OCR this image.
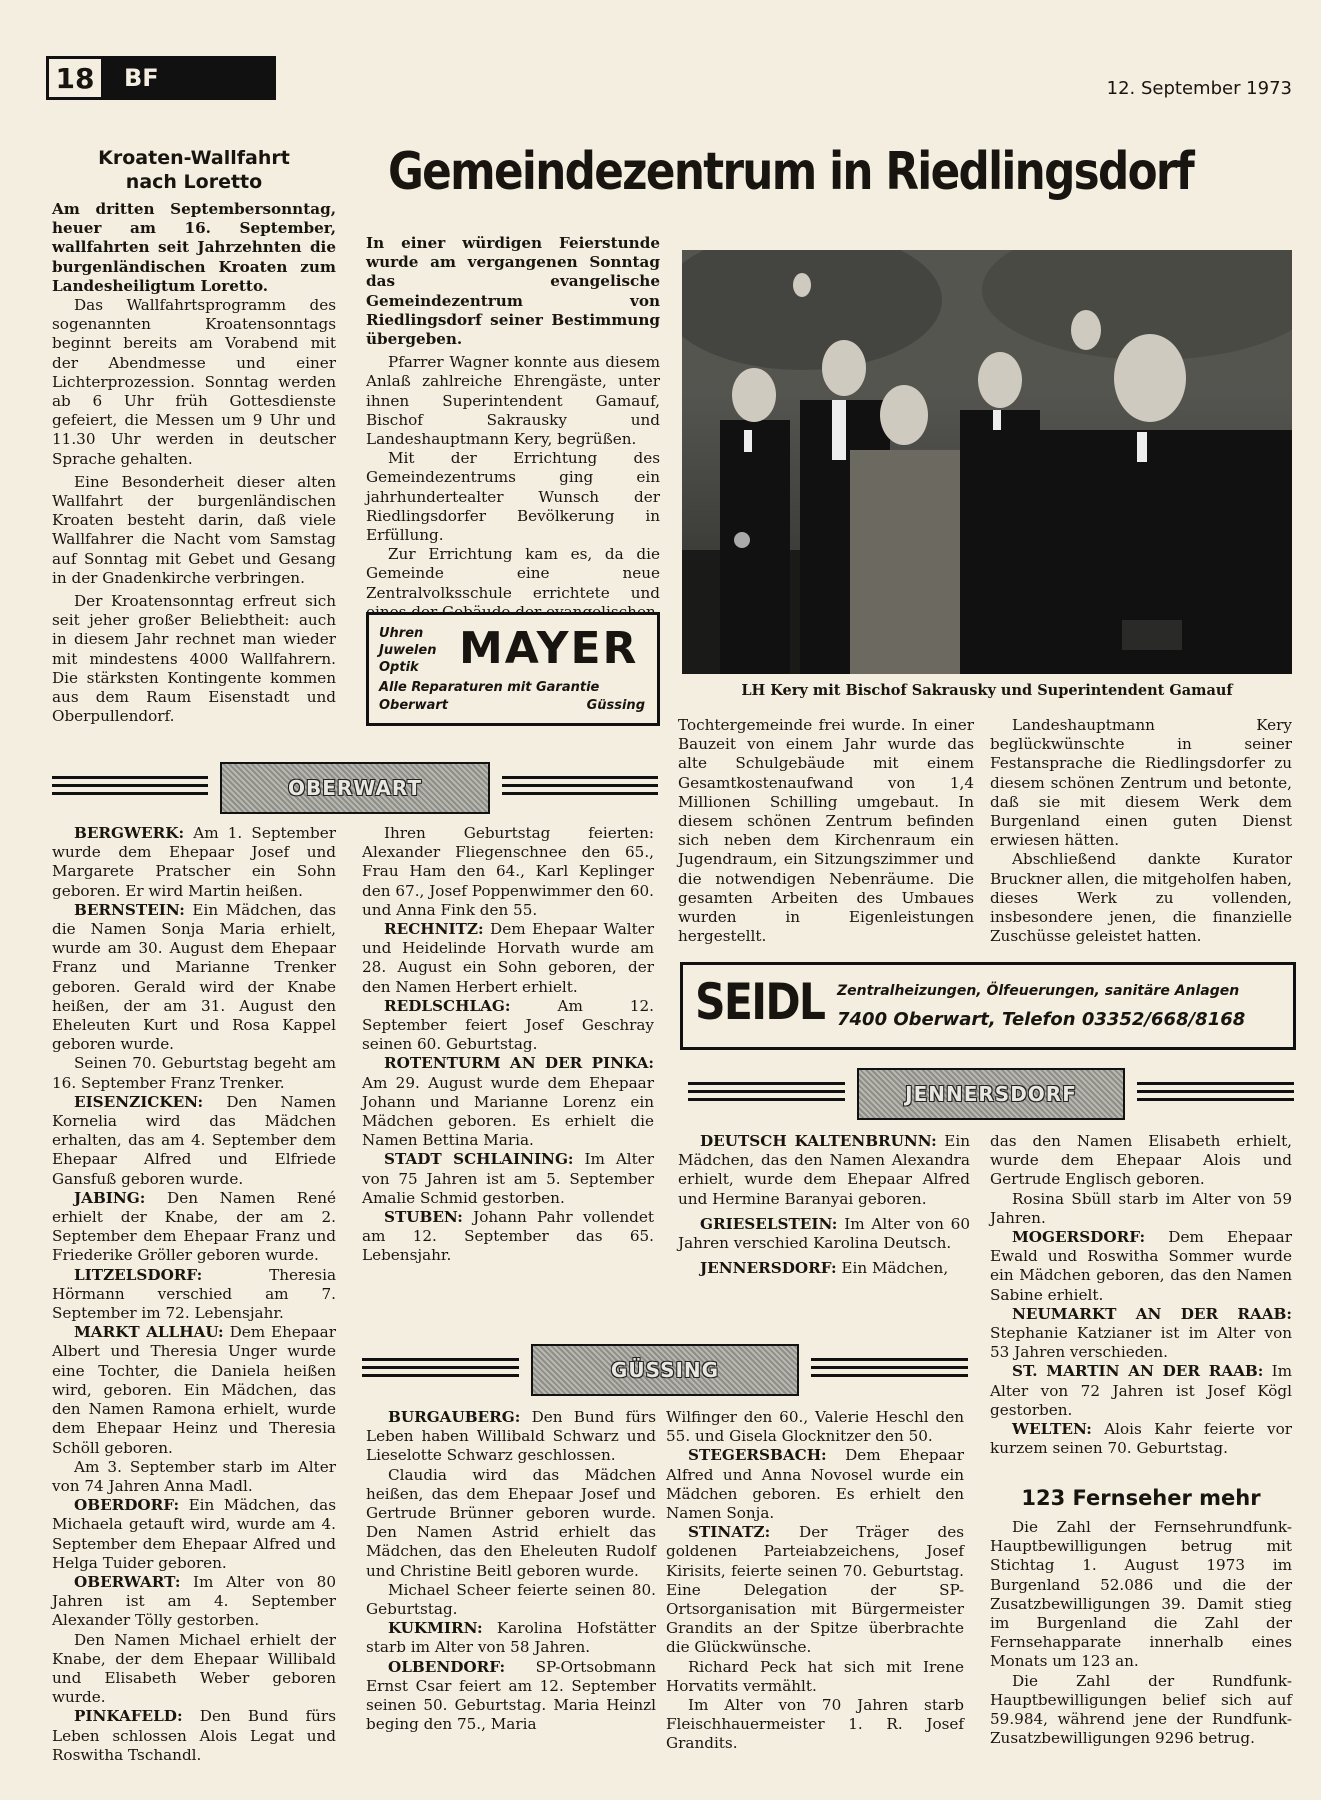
18	BF	12. September 1973
Kroaten-Wallfahrt
nach Loretto

Am dritten Septembersonntag, heuer am 16. September, wallfahrten seit Jahrzehnten die burgenländischen Kroaten zum Landesheiligtum Loretto.

Das Wallfahrtsprogramm des sogenannten Kroatensonntags beginnt bereits am Vorabend mit der Abendmesse und einer Lichterprozession. Sonntag werden ab 6 Uhr früh Gottesdienste gefeiert, die Messen um 9 Uhr und 11.30 Uhr werden in deutscher Sprache gehalten.

Eine Besonderheit dieser alten Wallfahrt der burgenländischen Kroaten besteht darin, daß viele Wallfahrer die Nacht vom Samstag auf Sonntag mit Gebet und Gesang in der Gnadenkirche verbringen.

Der Kroatensonntag erfreut sich seit jeher großer Beliebtheit: auch in diesem Jahr rechnet man wieder mit mindestens 4000 Wallfahrern. Die stärksten Kontingente kommen aus dem Raum Eisenstadt und Oberpullendorf.

Gemeindezentrum in Riedlingsdorf

In einer würdigen Feierstunde wurde am vergangenen Sonntag das evangelische Gemeindezentrum von Riedlingsdorf seiner Bestimmung übergeben.

Pfarrer Wagner konnte aus diesem Anlaß zahlreiche Ehrengäste, unter ihnen Superintendent Gamauf, Bischof Sakrausky und Landeshauptmann Kery, begrüßen.

Mit der Errichtung des Gemeindezentrums ging ein jahrhundertealter Wunsch der Riedlingsdorfer Bevölkerung in Erfüllung.

Zur Errichtung kam es, da die Gemeinde eine neue Zentralvolksschule errichtete und

LH Kery mit Bischof Sakrausky und Superintendent Gamauf

Tochtergemeinde frei wurde. In einer Bauzeit von einem Jahr wurde das alte Schulgebäude mit einem Gesamtkostenaufwand von 1,4 Millionen Schilling umgebaut. In diesem schönen Zentrum befinden sich neben dem Kirchenraum ein Jugendraum, ein Sitzungszimmer und die notwendigen Nebenräume. Die gesamten Arbeiten des Umbaues wurden in Eigenleistungen hergestellt.

Landeshauptmann Kery beglückwünschte in seiner Festansprache die Riedlingsdorfer zu diesem schönen Zentrum und betonte, daß sie mit diesem Werk dem Burgenland einen guten Dienst erwiesen hätten.

Abschließend dankte Kurator Bruckner allen, die mitgeholfen haben, dieses Werk zu vollenden, insbesondere jenen, die finanzielle Zuschüsse geleistet hatten.

Uhren
Juwelen
Optik MAYER
Alle Reparaturen mit Garantie
Oberwart	Güssing
OBERWART

BERGWERK: Am 1. September wurde dem Ehepaar Josef und Margarete Pratscher ein Sohn geboren. Er wird Martin heißen.

BERNSTEIN: Ein Mädchen, das die Namen Sonja Maria erhielt, wurde am 30. August dem Ehepaar Franz und Marianne Trenker geboren. Gerald wird der Knabe heißen, der am 31. August den Eheleuten Kurt und Rosa Kappel geboren wurde.

Seinen 70. Geburtstag begeht am 16. September Franz Trenker.

EISENZICKEN: Den Namen Kornelia wird das Mädchen erhalten, das am 4. September dem Ehepaar Alfred und Elfriede Gansfuß geboren wurde.

JABING: Den Namen René erhielt der Knabe, der am 2. September dem Ehepaar Franz und Friederike Gröller geboren wurde.

LITZELSDORF: Theresia Hörmann verschied am 7. September im 72. Lebensjahr.

MARKT ALLHAU: Dem Ehepaar Albert und Theresia Unger wurde eine Tochter, die Daniela heißen wird, geboren. Ein Mädchen, das den Namen Ramona erhielt, wurde dem Ehepaar Heinz und Theresia Schöll geboren.

Am 3. September starb im Alter von 74 Jahren Anna Madl.

OBERDORF: Ein Mädchen, das Michaela getauft wird, wurde am 4. September dem Ehepaar Alfred und Helga Tuider geboren.

OBERWART: Im Alter von 80 Jahren ist am 4. September Alexander Tölly gestorben.

Den Namen Michael erhielt der Knabe, der dem Ehepaar Willibald und Elisabeth Weber geboren wurde.

PINKAFELD: Den Bund fürs Leben schlossen Alois Legat und Roswitha Tschandl.

Ihren Geburtstag feierten: Alexander Fliegenschnee den 65., Frau Ham den 64., Karl Keplinger den 67., Josef Poppenwimmer den 60. und Anna Fink den 55.

RECHNITZ: Dem Ehepaar Walter und Heidelinde Horvath wurde am 28. August ein Sohn geboren, der den Namen Herbert erhielt.

REDLSCHLAG: Am 12. September feiert Josef Geschray seinen 60. Geburtstag.

ROTENTURM AN DER PINKA: Am 29. August wurde dem Ehepaar Johann und Marianne Lorenz ein Mädchen geboren. Es erhielt die Namen Bettina Maria.

STADT SCHLAINING: Im Alter von 75 Jahren ist am 5. September Amalie Schmid gestorben.

STUBEN: Johann Pahr vollendet am 12. September das 65. Lebensjahr.

SEIDL Zentralheizungen, Ölfeuerungen, sanitäre Anlagen
7400 Oberwart, Telefon 03352/668/8168
JENNERSDORF

DEUTSCH KALTENBRUNN: Ein Mädchen, das den Namen Alexandra erhielt, wurde dem Ehepaar Alfred und Hermine Baranyai geboren.

GRIESELSTEIN: Im Alter von 60 Jahren verschied Karolina Deutsch.

JENNERSDORF: Ein Mädchen,

das den Namen Elisabeth erhielt, wurde dem Ehepaar Alois und Gertrude Englisch geboren.

Rosina Sbüll starb im Alter von 59 Jahren.

MOGERSDORF: Dem Ehepaar Ewald und Roswitha Sommer wurde ein Mädchen geboren, das den Namen Sabine erhielt.

NEUMARKT AN DER RAAB: Stephanie Katzianer ist im Alter von 53 Jahren verschieden.

ST. MARTIN AN DER RAAB: Im Alter von 72 Jahren ist Josef Kögl gestorben.

WELTEN: Alois Kahr feierte vor kurzem seinen 70. Geburtstag.

GÜSSING

BURGAUBERG: Den Bund fürs Leben haben Willibald Schwarz und Lieselotte Schwarz geschlossen.

Claudia wird das Mädchen heißen, das dem Ehepaar Josef und Gertrude Brünner geboren wurde. Den Namen Astrid erhielt das Mädchen, das den Eheleuten Rudolf und Christine Beitl geboren wurde.

Michael Scheer feierte seinen 80. Geburtstag.

KUKMIRN: Karolina Hofstätter starb im Alter von 58 Jahren.

OLBENDORF: SP-Ortsobmann Ernst Csar feiert am 12. September seinen 50. Geburtstag. Maria Heinzl beging den 75., Maria

Wilfinger den 60., Valerie Heschl den 55. und Gisela Glocknitzer den 50.

STEGERSBACH: Dem Ehepaar Alfred und Anna Novosel wurde ein Mädchen geboren. Es erhielt den Namen Sonja.

STINATZ: Der Träger des goldenen Parteiabzeichens, Josef Kirisits, feierte seinen 70. Geburtstag. Eine Delegation der SP-Ortsorganisation mit Bürgermeister Grandits an der Spitze überbrachte die Glückwünsche.

Richard Peck hat sich mit Irene Horvatits vermählt.

Im Alter von 70 Jahren starb Fleischhauermeister 1. R. Josef Grandits.

123 Fernseher mehr

Die Zahl der Fernsehrundfunk-Hauptbewilligungen betrug mit Stichtag 1. August 1973 im Burgenland 52.086 und die der Zusatzbewilligungen 39. Damit stieg im Burgenland die Zahl der Fernsehapparate innerhalb eines Monats um 123 an.

Die Zahl der Rundfunk-Hauptbewilligungen belief sich auf 59.984, während jene der Rundfunk-Zusatzbewilligungen 9296 betrug.
